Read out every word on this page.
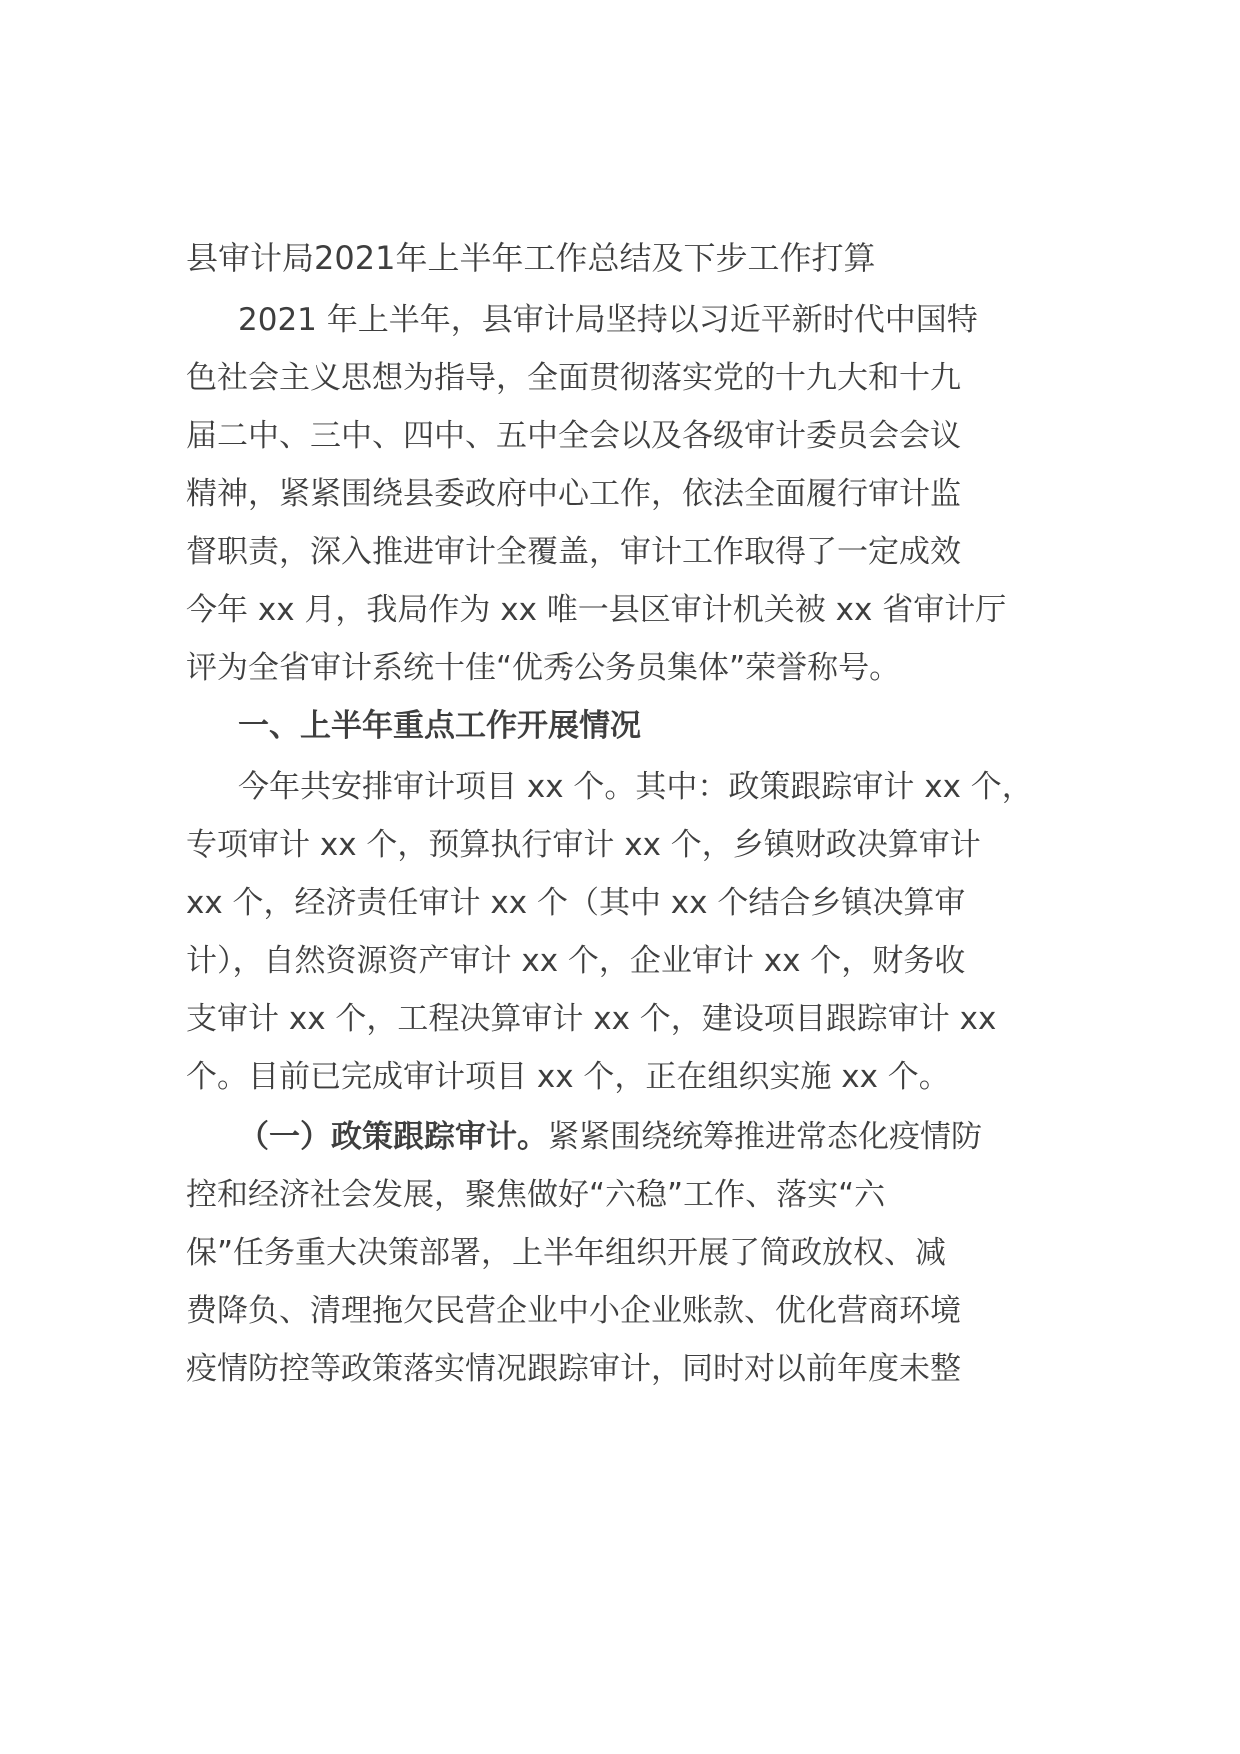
县审计局2021年上半年工作总结及下步工作打算
2021 年上半年，县审计局坚持以习近平新时代中国特
色社会主义思想为指导，全面贯彻落实党的十九大和十九
届二中、三中、四中、五中全会以及各级审计委员会会议
精神，紧紧围绕县委政府中心工作，依法全面履行审计监
督职责，深入推进审计全覆盖，审计工作取得了一定成效
今年 xx 月，我局作为 xx 唯一县区审计机关被 xx 省审计厅
评为全省审计系统十佳“优秀公务员集体”荣誉称号。
一、上半年重点工作开展情况
今年共安排审计项目 xx 个。其中：政策跟踪审计 xx 个，
专项审计 xx 个，预算执行审计 xx 个，乡镇财政决算审计
xx 个，经济责任审计 xx 个（其中 xx 个结合乡镇决算审
计），自然资源资产审计 xx 个，企业审计 xx 个，财务收
支审计 xx 个，工程决算审计 xx 个，建设项目跟踪审计 xx
个。目前已完成审计项目 xx 个，正在组织实施 xx 个。
（一）政策跟踪审计。紧紧围绕统筹推进常态化疫情防
控和经济社会发展，聚焦做好“六稳”工作、落实“六
保”任务重大决策部署，上半年组织开展了简政放权、减
费降负、清理拖欠民营企业中小企业账款、优化营商环境
疫情防控等政策落实情况跟踪审计，同时对以前年度未整
